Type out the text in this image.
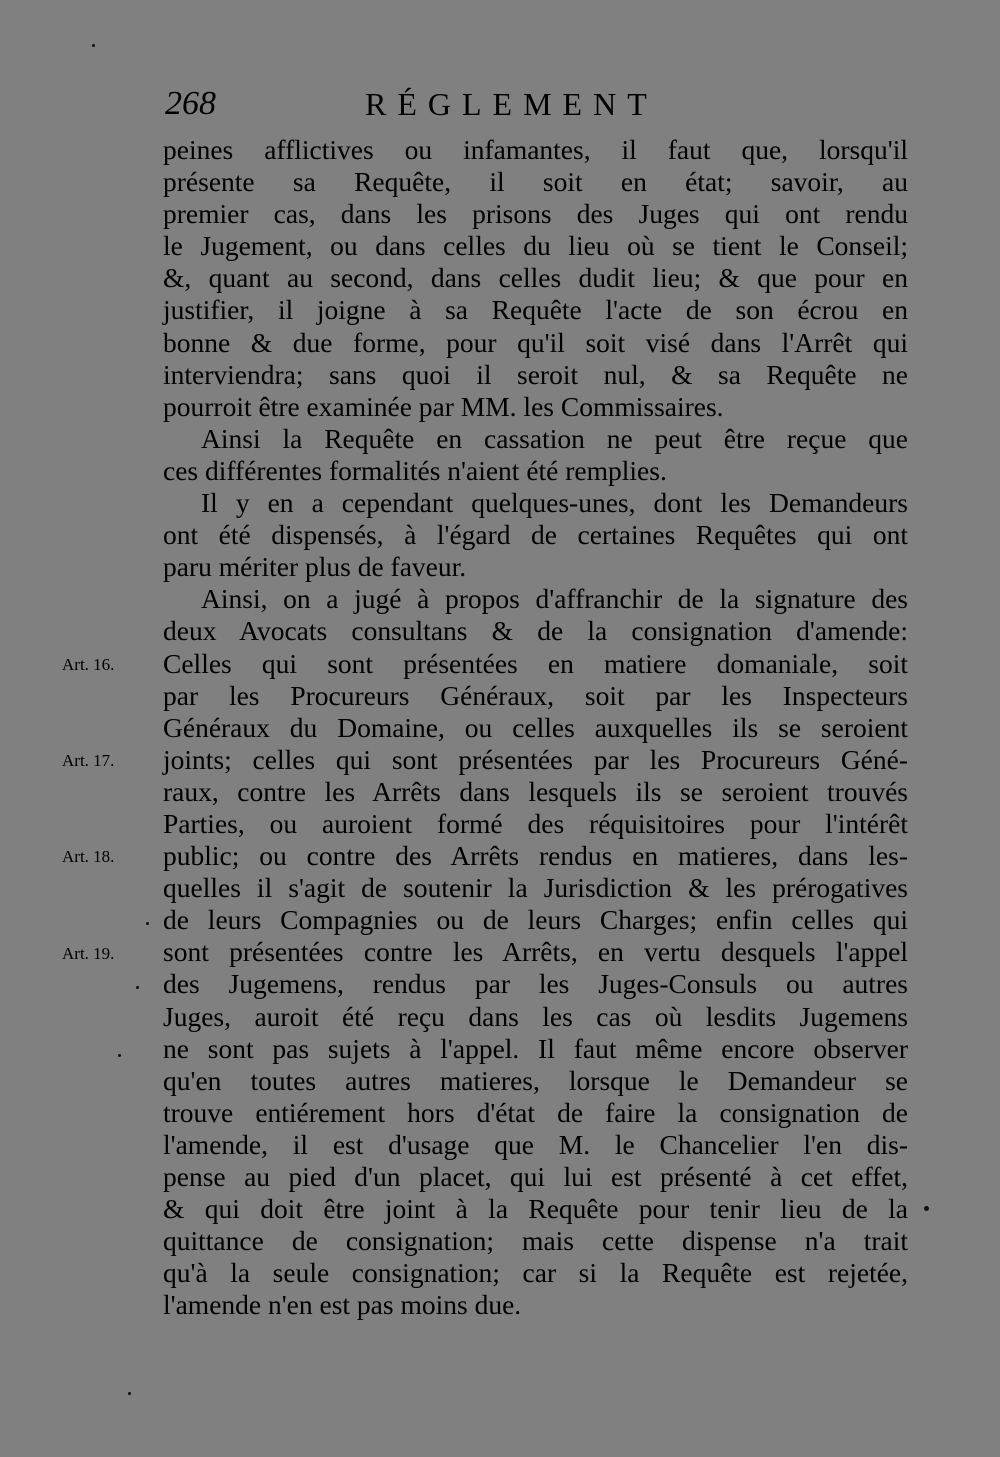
268	RÉGLEMENT
peines afflictives ou infamantes, il faut que, lorsqu'il
présente sa Requête, il soit en état; savoir, au
premier cas, dans les prisons des Juges qui ont rendu
le Jugement, ou dans celles du lieu où se tient le Conseil;
&, quant au second, dans celles dudit lieu; & que pour en
justifier, il joigne à sa Requête l'acte de son écrou en
bonne & due forme, pour qu'il soit visé dans l'Arrêt qui
interviendra; sans quoi il seroit nul, & sa Requête ne
pourroit être examinée par MM. les Commissaires.
Ainsi la Requête en cassation ne peut être reçue que
ces différentes formalités n'aient été remplies.
Il y en a cependant quelques-unes, dont les Demandeurs
ont été dispensés, à l'égard de certaines Requêtes qui ont
paru mériter plus de faveur.
Ainsi, on a jugé à propos d'affranchir de la signature des
deux Avocats consultans & de la consignation d'amende:
Celles qui sont présentées en matiere domaniale, soit
par les Procureurs Généraux, soit par les Inspecteurs
Généraux du Domaine, ou celles auxquelles ils se seroient
joints; celles qui sont présentées par les Procureurs Géné-
raux, contre les Arrêts dans lesquels ils se seroient trouvés
Parties, ou auroient formé des réquisitoires pour l'intérêt
public; ou contre des Arrêts rendus en matieres, dans les-
quelles il s'agit de soutenir la Jurisdiction & les prérogatives
de leurs Compagnies ou de leurs Charges; enfin celles qui
sont présentées contre les Arrêts, en vertu desquels l'appel
des Jugemens, rendus par les Juges-Consuls ou autres
Juges, auroit été reçu dans les cas où lesdits Jugemens
ne sont pas sujets à l'appel. Il faut même encore observer
qu'en toutes autres matieres, lorsque le Demandeur se
trouve entiérement hors d'état de faire la consignation de
l'amende, il est d'usage que M. le Chancelier l'en dis-
pense au pied d'un placet, qui lui est présenté à cet effet,
& qui doit être joint à la Requête pour tenir lieu de la
quittance de consignation; mais cette dispense n'a trait
qu'à la seule consignation; car si la Requête est rejetée,
l'amende n'en est pas moins due.
Art. 16.
Art. 17.
Art. 18.
Art. 19.
